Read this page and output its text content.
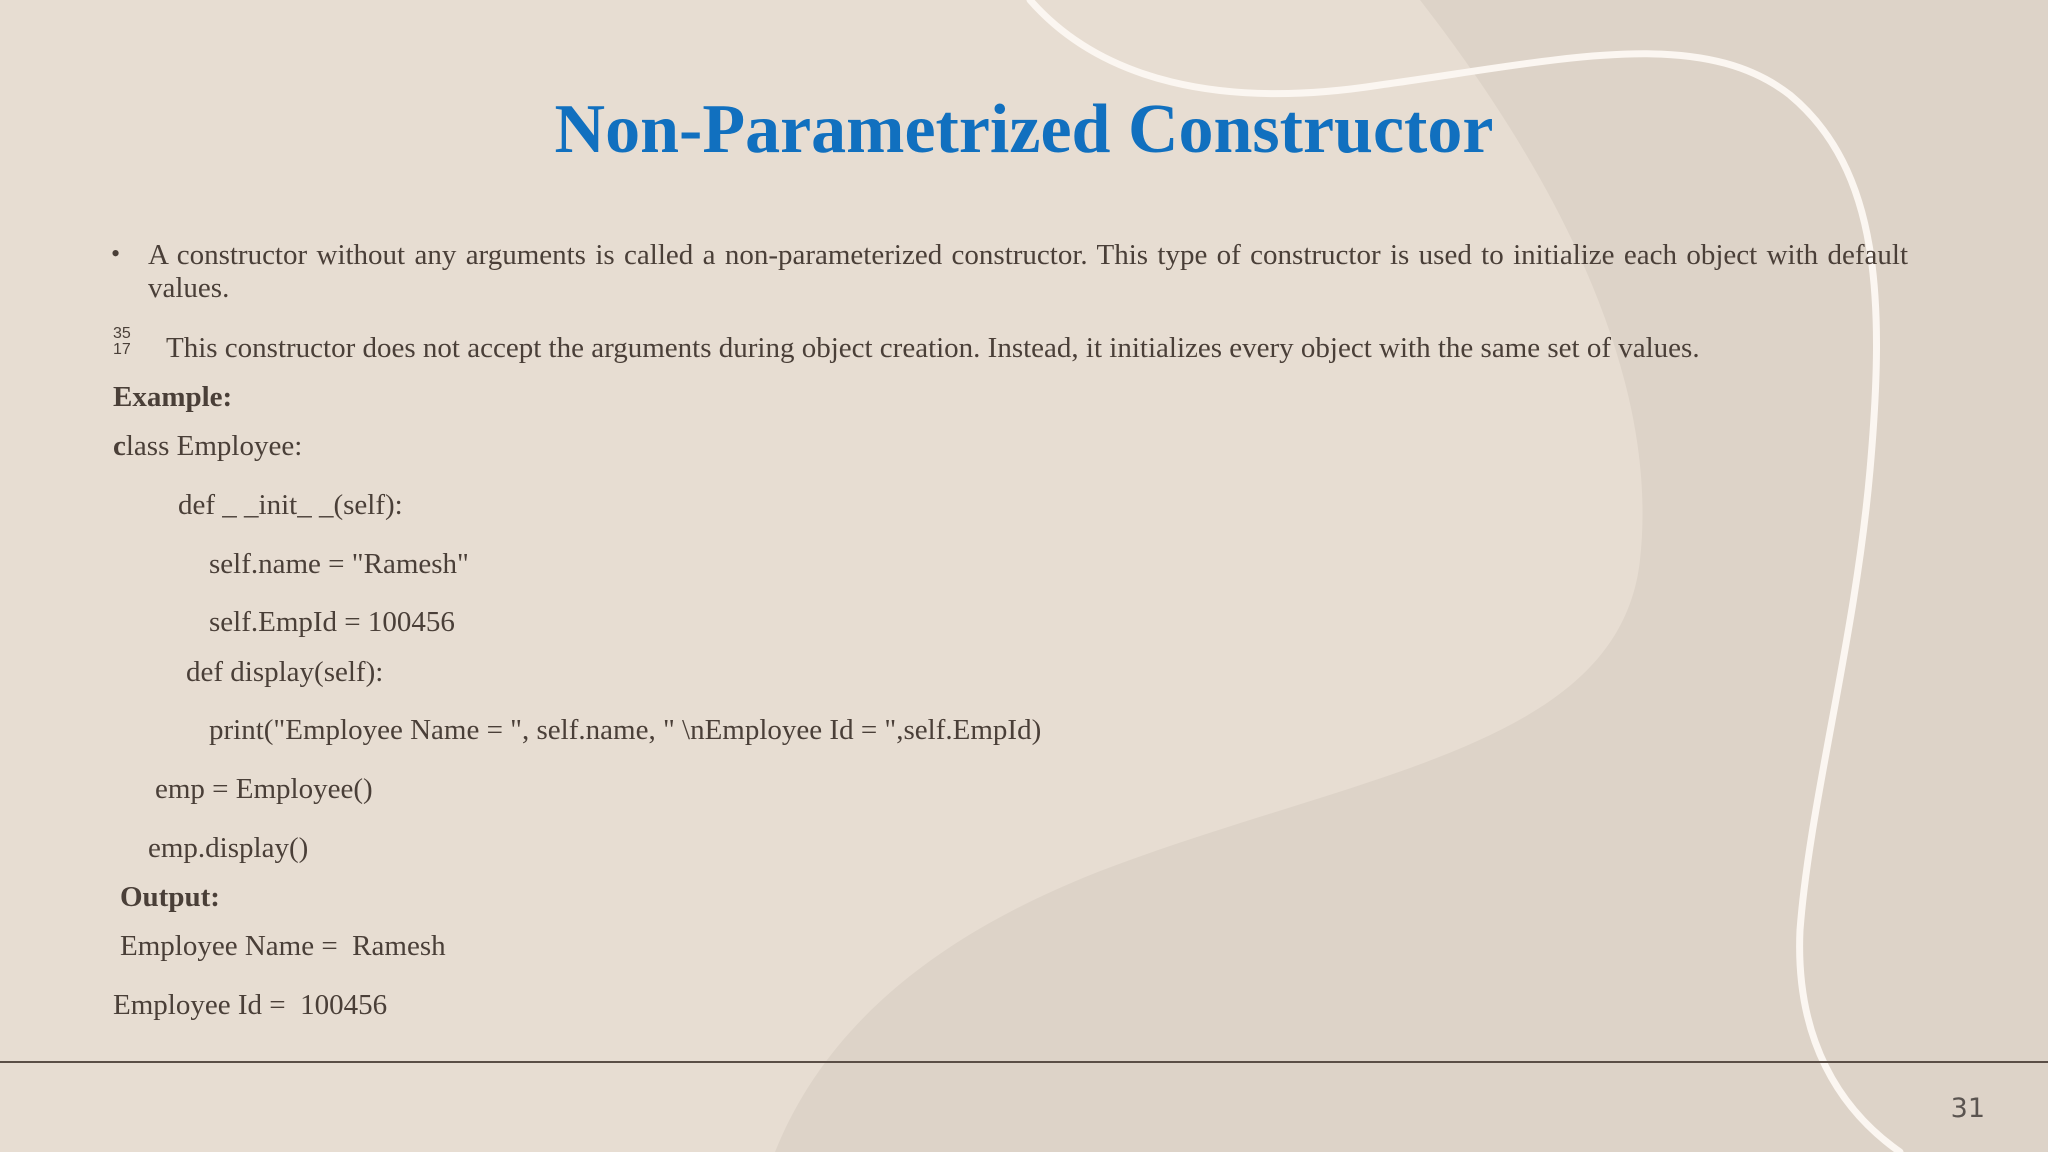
Non-Parametrized Constructor
• A constructor without any arguments is called a non-parameterized constructor. This type of constructor is used to initialize each object with default values.
35
17 This constructor does not accept the arguments during object creation. Instead, it initializes every object with the same set of values.
Example:
class Employee:
def _ _init_ _(self):
self.name = "Ramesh"
self.EmpId = 100456
def display(self):
print("Employee Name = ", self.name, " \nEmployee Id = ",self.EmpId)
emp = Employee()
emp.display()
Output:
Employee Name =  Ramesh
Employee Id =  100456
31
